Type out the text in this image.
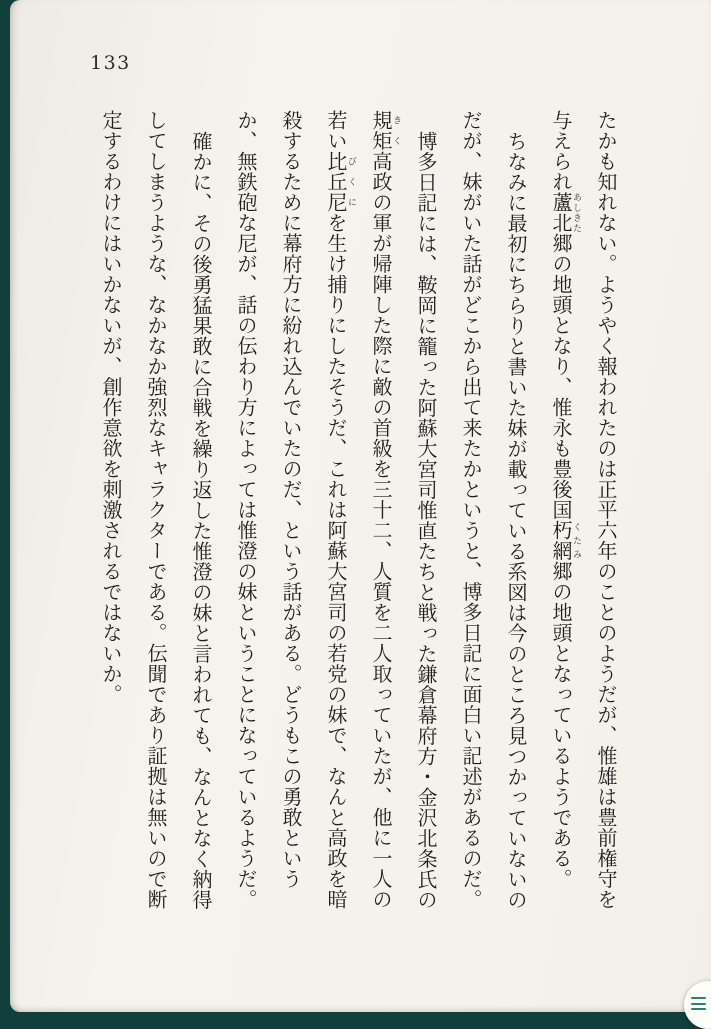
133

たかも知れない。ようやく報われたのは正平六年のことのようだが、惟雄は豊前権守を与えられ蘆北あしきた郷の地頭となり、惟永も豊後国朽網くたみ郷の地頭となっているようである。

ちなみに最初にちらりと書いた妹が載っている系図は今のところ見つかっていないのだが、妹がいた話がどこから出て来たかというと、博多日記に面白い記述があるのだ。

博多日記には、鞍岡に籠った阿蘇大宮司惟直たちと戦った鎌倉幕府方・金沢北条氏の規矩きく高政の軍が帰陣した際に敵の首級を三十二、人質を二人取っていたが、他に一人の若い比丘尼びくにを生け捕りにしたそうだ、これは阿蘇大宮司の若党の妹で、なんと高政を暗殺するために幕府方に紛れ込んでいたのだ、という話がある。どうもこの勇敢というか、無鉄砲な尼が、話の伝わり方によっては惟澄の妹ということになっているようだ。

確かに、その後勇猛果敢に合戦を繰り返した惟澄の妹と言われても、なんとなく納得してしまうような、なかなか強烈なキャラクターである。伝聞であり証拠は無いので断定するわけにはいかないが、創作意欲を刺激されるではないか。
